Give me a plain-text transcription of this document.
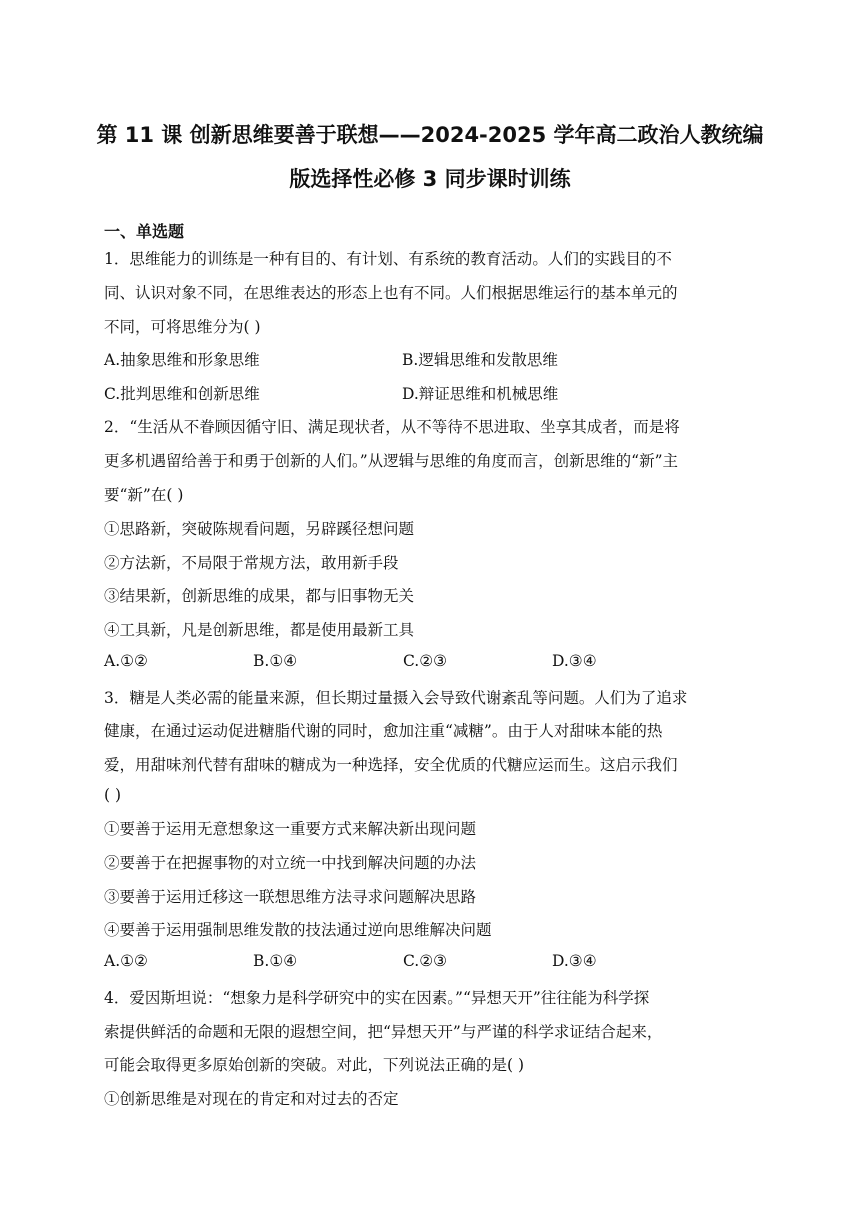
第 11 课 创新思维要善于联想——2024-2025 学年高二政治人教统编
版选择性必修 3 同步课时训练
一、单选题
1．思维能力的训练是一种有目的、有计划、有系统的教育活动。人们的实践目的不
同、认识对象不同，在思维表达的形态上也有不同。人们根据思维运行的基本单元的
不同，可将思维分为( )
A.抽象思维和形象思维	B.逻辑思维和发散思维
C.批判思维和创新思维	D.辩证思维和机械思维
2．“生活从不眷顾因循守旧、满足现状者，从不等待不思进取、坐享其成者，而是将
更多机遇留给善于和勇于创新的人们。”从逻辑与思维的角度而言，创新思维的“新”主
要“新”在( )
①思路新，突破陈规看问题，另辟蹊径想问题
②方法新，不局限于常规方法，敢用新手段
③结果新，创新思维的成果，都与旧事物无关
④工具新，凡是创新思维，都是使用最新工具
A.①②	B.①④	C.②③	D.③④
3．糖是人类必需的能量来源，但长期过量摄入会导致代谢紊乱等问题。人们为了追求
健康，在通过运动促进糖脂代谢的同时，愈加注重“减糖”。由于人对甜味本能的热
爱，用甜味剂代替有甜味的糖成为一种选择，安全优质的代糖应运而生。这启示我们
( )
①要善于运用无意想象这一重要方式来解决新出现问题
②要善于在把握事物的对立统一中找到解决问题的办法
③要善于运用迁移这一联想思维方法寻求问题解决思路
④要善于运用强制思维发散的技法通过逆向思维解决问题
A.①②	B.①④	C.②③	D.③④
4．爱因斯坦说：“想象力是科学研究中的实在因素。”“异想天开”往往能为科学探
索提供鲜活的命题和无限的遐想空间，把“异想天开”与严谨的科学求证结合起来，
可能会取得更多原始创新的突破。对此，下列说法正确的是( )
①创新思维是对现在的肯定和对过去的否定
